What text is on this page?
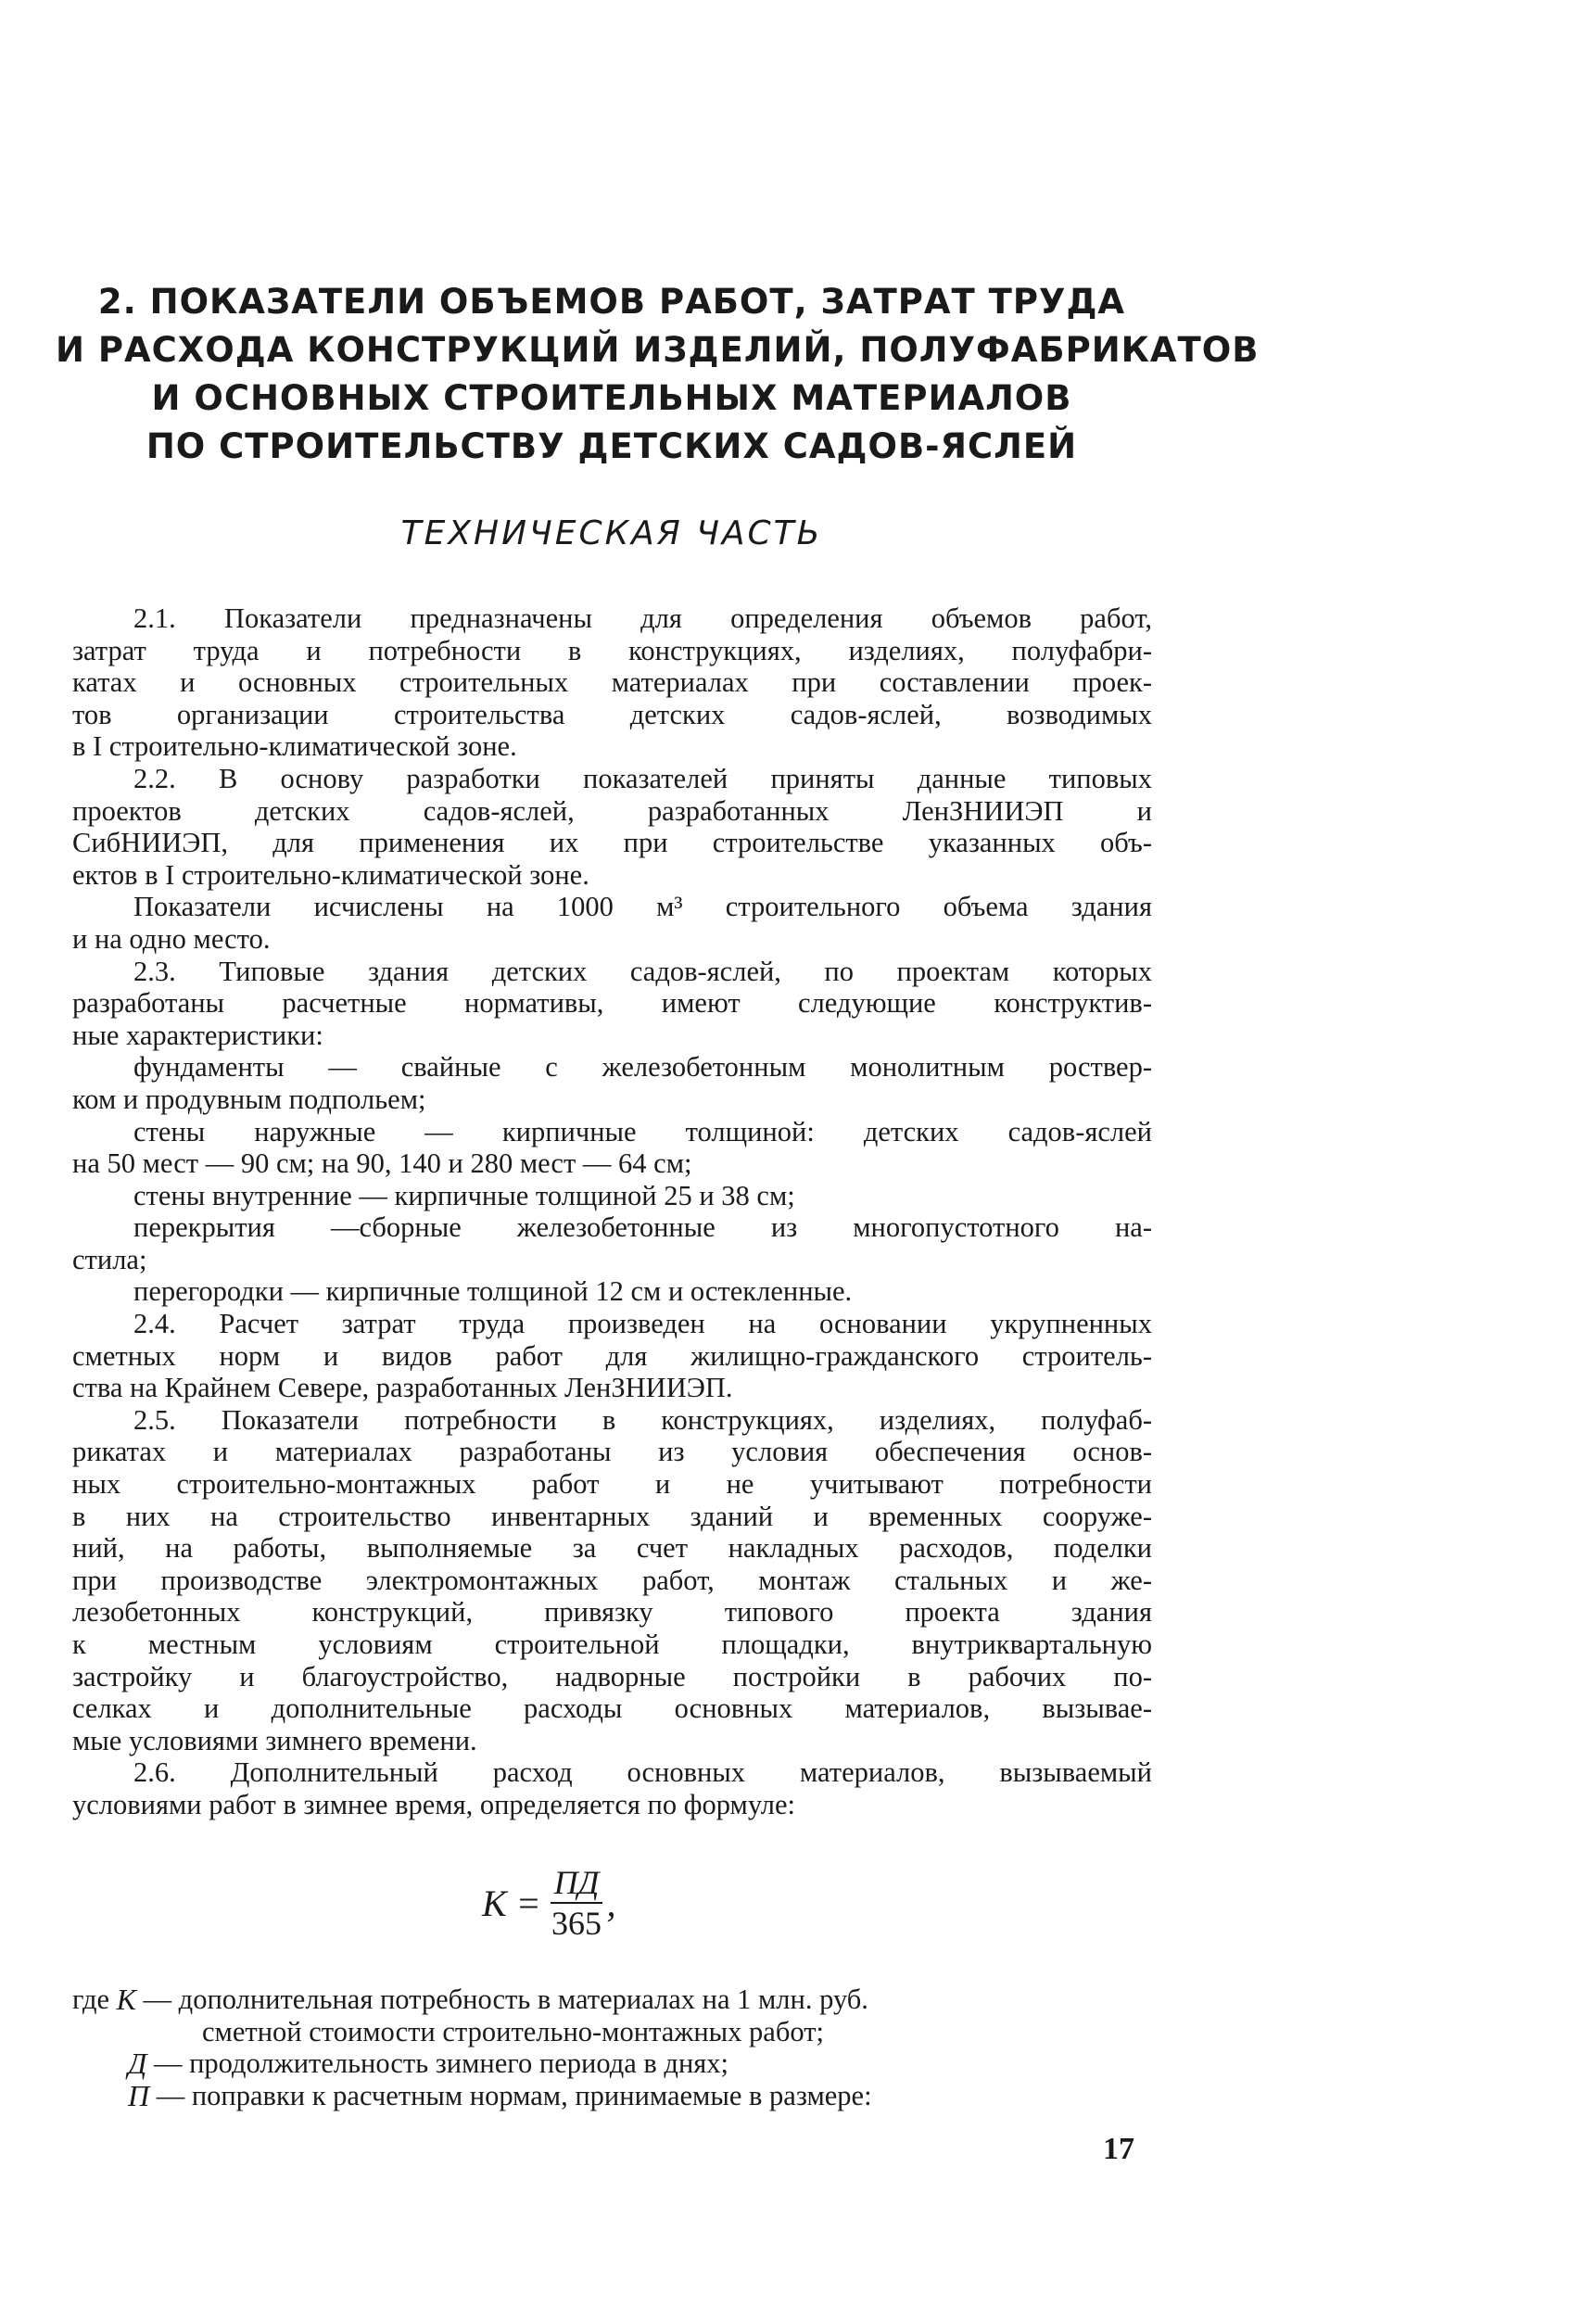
2. ПОКАЗАТЕЛИ ОБЪЕМОВ РАБОТ, ЗАТРАТ ТРУДА
И РАСХОДА КОНСТРУКЦИЙ ИЗДЕЛИЙ, ПОЛУФАБРИКАТОВ
И ОСНОВНЫХ СТРОИТЕЛЬНЫХ МАТЕРИАЛОВ
ПО СТРОИТЕЛЬСТВУ ДЕТСКИХ САДОВ-ЯСЛЕЙ
ТЕХНИЧЕСКАЯ ЧАСТЬ
2.1. Показатели предназначены для определения объемов работ,
затрат труда и потребности в конструкциях, изделиях, полуфабри-
катах и основных строительных материалах при составлении проек-
тов организации строительства детских садов-яслей, возводимых
в I строительно-климатической зоне.
2.2. В основу разработки показателей приняты данные типовых
проектов детских садов-яслей, разработанных ЛенЗНИИЭП и
СибНИИЭП, для применения их при строительстве указанных объ-
ектов в I строительно-климатической зоне.
Показатели исчислены на 1000 м³ строительного объема здания
и на одно место.
2.3. Типовые здания детских садов-яслей, по проектам которых
разработаны расчетные нормативы, имеют следующие конструктив-
ные характеристики:
фундаменты — свайные с железобетонным монолитным роствер-
ком и продувным подпольем;
стены наружные — кирпичные толщиной: детских садов-яслей
на 50 мест — 90 см; на 90, 140 и 280 мест — 64 см;
стены внутренние — кирпичные толщиной 25 и 38 см;
перекрытия —сборные железобетонные из многопустотного на-
стила;
перегородки — кирпичные толщиной 12 см и остекленные.
2.4. Расчет затрат труда произведен на основании укрупненных
сметных норм и видов работ для жилищно-гражданского строитель-
ства на Крайнем Севере, разработанных ЛенЗНИИЭП.
2.5. Показатели потребности в конструкциях, изделиях, полуфаб-
рикатах и материалах разработаны из условия обеспечения основ-
ных строительно-монтажных работ и не учитывают потребности
в них на строительство инвентарных зданий и временных сооруже-
ний, на работы, выполняемые за счет накладных расходов, поделки
при производстве электромонтажных работ, монтаж стальных и же-
лезобетонных конструкций, привязку типового проекта здания
к местным условиям строительной площадки, внутриквартальную
застройку и благоустройство, надворные постройки в рабочих по-
селках и дополнительные расходы основных материалов, вызывае-
мые условиями зимнего времени.
2.6. Дополнительный расход основных материалов, вызываемый
условиями работ в зимнее время, определяется по формуле:
$К = \frac{ПД}{365}$ ,
где
К
— дополнительная потребность в материалах на 1 млн. руб.
сметной стоимости строительно-монтажных работ;
Д
— продолжительность зимнего периода в днях;
П
— поправки к расчетным нормам, принимаемые в размере:
17
